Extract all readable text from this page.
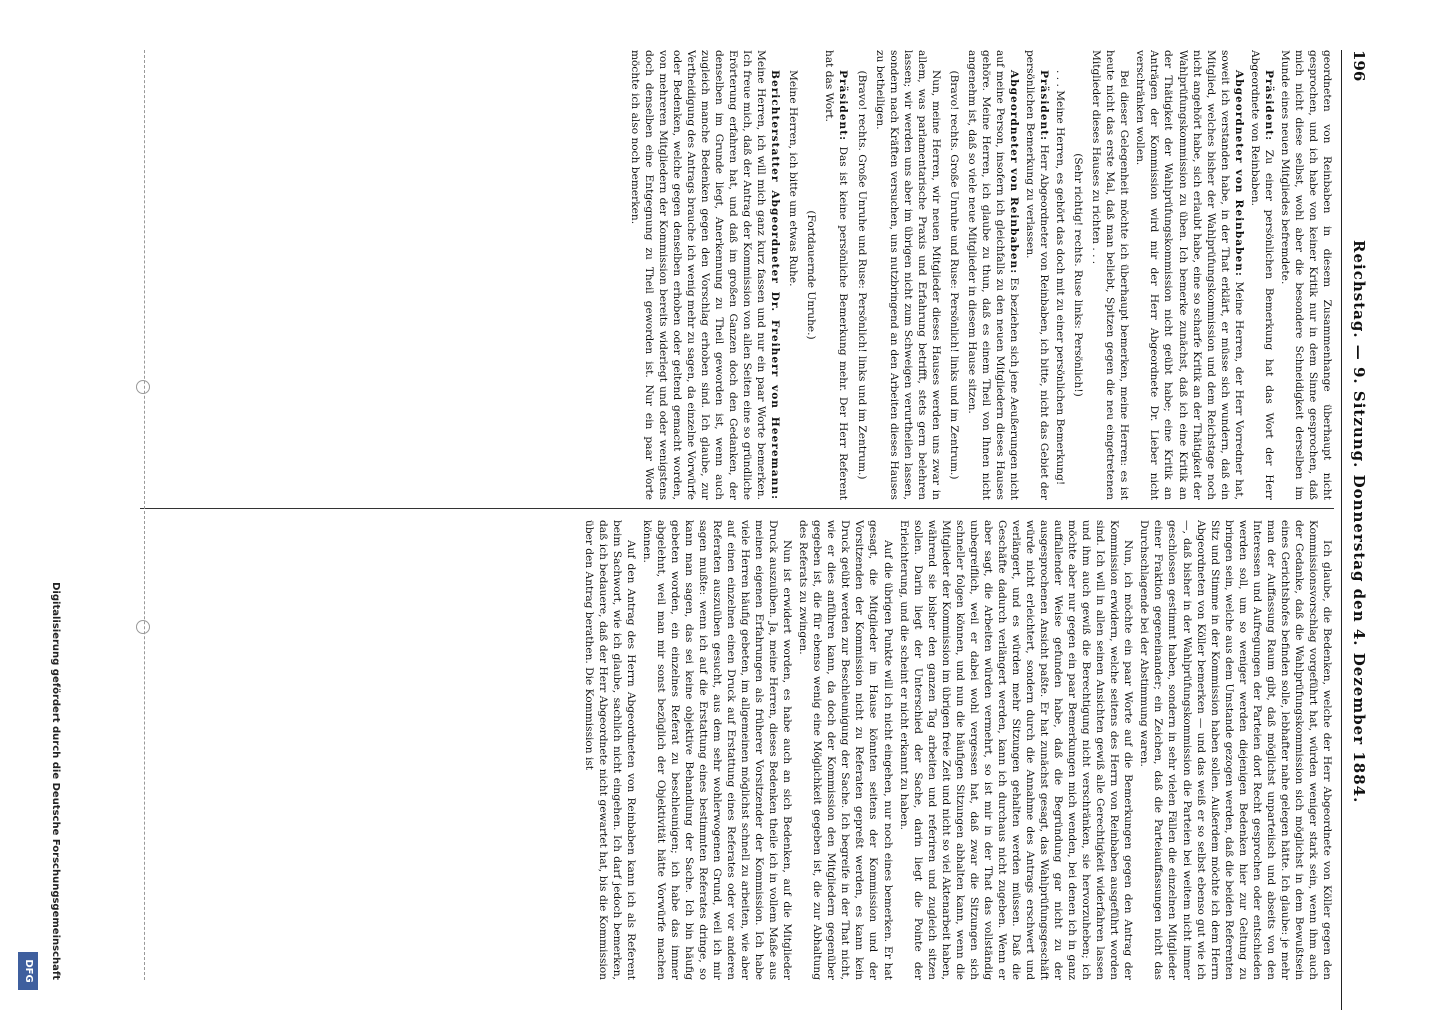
196
Reichstag. — 9. Sitzung. Donnerstag den 4. Dezember 1884.

geordneten von Reinbaben in diesem Zusammenhange überhaupt nicht gesprochen, und ich habe von keiner Kritik nur in dem Sinne gesprochen, daß mich nicht diese selbst, wohl aber die besondere Schneidigkeit derselben im Munde eines neuen Mitgliedes befremdete.

Präsident: Zu einer persönlichen Bemerkung hat das Wort der Herr Abgeordnete von Reinbaben.

Abgeordneter von Reinbaben: Meine Herren, der Herr Vorredner hat, soweit ich verstanden habe, in der That erklärt, er müsse sich wundern, daß ein Mitglied, welches bisher der Wahlprüfungskommission und dem Reichstage noch nicht angehört habe, sich erlaubt habe, eine so scharfe Kritik an der Thätigkeit der Wahlprüfungskommission zu üben. Ich bemerke zunächst, daß ich eine Kritik an der Thätigkeit der Wahlprüfungskommission nicht geübt habe; eine Kritik an Anträgen der Kommission wird mir der Herr Abgeordnete Dr. Lieber nicht verschränken wollen.

Bei dieser Gelegenheit möchte ich überhaupt bemerken, meine Herren: es ist heute nicht das erste Mal, daß man beliebt, Spitzen gegen die neu eingetretenen Mitglieder dieses Hauses zu richten . . .

(Sehr richtig! rechts. Ruse links: Persönlich!)

. . . Meine Herren, es gehört das doch mit zu einer persönlichen Bemerkung!

Präsident: Herr Abgeordneter von Reinbaben, ich bitte, nicht das Gebiet der persönlichen Bemerkung zu verlassen.

Abgeordneter von Reinbaben: Es beziehen sich jene Aeußerungen nicht auf meine Person, insofern ich gleichfalls zu den neuen Mitgliedern dieses Hauses gehöre. Meine Herren, ich glaube zu thun, daß es einem Theil von Ihnen nicht angenehm ist, daß so viele neue Mitglieder in diesem Hause sitzen.

(Bravo! rechts. Große Unruhe und Ruse: Persönlich! links und im Zentrum.)

Nun, meine Herren, wir neuen Mitglieder dieses Hauses werden uns zwar in allem, was parlamentarische Praxis und Erfahrung betrifft, stets gern belehren lassen; wir werden uns aber im übrigen nicht zum Schweigen verurtheilen lassen, sondern nach Kräften versuchen, uns nutzbringend an den Arbeiten dieses Hauses zu betheiligen.

(Bravo! rechts. Große Unruhe und Ruse: Persönlich! links und im Zentrum.)

Präsident: Das ist keine persönliche Bemerkung mehr. Der Herr Referent hat das Wort.

(Fortdauernde Unruhe.)

Meine Herren, ich bitte um etwas Ruhe.

Berichterstatter Abgeordneter Dr. Freiherr von Heeremann: Meine Herren, ich will mich ganz kurz fassen und nur ein paar Worte bemerken. Ich freue mich, daß der Antrag der Kommission von allen Seiten eine so gründliche Erörterung erfahren hat, und daß im großen Ganzen doch den Gedanken, der denselben im Grunde liegt, Anerkennung zu Theil geworden ist, wenn auch zugleich manche Bedenken gegen den Vorschlag erhoben sind. Ich glaube, zur Vertheidigung des Antrags brauche ich wenig mehr zu sagen, da einzelne Vorwürfe oder Bedenken, welche gegen denselben erhoben oder geltend gemacht worden, von mehreren Mitgliedern der Kommission bereits widerlegt und oder wenigstens doch denselben eine Entgegnung zu Theil geworden ist. Nur ein paar Worte möchte ich also noch bemerken.

Ich glaube, die Bedenken, welche der Herr Abgeordnete von Köller gegen den Kommissionsvorschlag vorgeführt hat, würden weniger stark sein, wenn ihm auch der Gedanke, daß die Wahlprüfungskommission sich möglichst in dem Bewußtsein eines Gerichtshofes befinden solle, lebhafter nahe gelegen hätte. Ich glaube: je mehr man der Auffassung Raum gibt, daß möglichst unparteiisch und abseits von den Interessen und Aufregungen der Parteien dort Recht gesprochen oder entschieden werden soll, um so weniger werden diejenigen Bedenken hier zur Geltung zu bringen sein, welche aus dem Umstande gezogen werden, daß die beiden Referenten Sitz und Stimme in der Kommission haben sollen. Außerdem möchte ich dem Herrn Abgeordneten von Köller bemerken — und das weiß er so selbst ebenso gut wie ich —, daß bisher in der Wahlprüfungskommission die Parteien bei weitem nicht immer geschlossen gestimmt haben, sondern in sehr vielen Fällen die einzelnen Mitglieder einer Fraktion gegeneinander; ein Zeichen, daß die Parteiauffassungen nicht das Durchschlagende bei der Abstimmung waren.

Nun, ich möchte ein paar Worte auf die Bemerkungen gegen den Antrag der Kommission erwidern, welche seitens des Herrn von Reinbaben ausgeführt worden sind. Ich will in allen seinen Ansichten gewiß alle Gerechtigkeit widerfahren lassen und ihm auch gewiß die Berechtigung nicht verschränken, sie hervorzuheben; ich möchte aber nur gegen ein paar Bemerkungen mich wenden, bei denen ich in ganz auffallender Weise gefunden habe, daß die Begründung gar nicht zu der ausgesprochenen Ansicht paßte. Er hat zunächst gesagt, das Wahlprüfungsgeschäft würde nicht erleichtert, sondern durch die Annahme des Antrags erschwert und verlängert, und es würden mehr Sitzungen gehalten werden müssen. Daß die Geschäfte dadurch verlängert werden, kann ich durchaus nicht zugeben. Wenn er aber sagt, die Arbeiten würden vermehrt, so ist mir in der That das vollständig unbegreiflich, weil er dabei wohl vergessen hat, daß zwar die Sitzungen sich schneller folgen können, und nun die häufigen Sitzungen abhalten kann, wenn die Mitglieder der Kommission im übrigen freie Zeit und nicht so viel Aktenarbeit haben, während sie bisher den ganzen Tag arbeiten und referiren und zugleich sitzen sollen. Darin liegt der Unterschied der Sache, darin liegt die Pointe der Erleichterung, und die scheint er nicht erkannt zu haben.

Auf die übrigen Punkte will ich nicht eingehen, nur noch eines bemerken. Er hat gesagt, die Mitglieder im Hause könnten seitens der Kommission und der Vorsitzenden der Kommission nicht zu Referaten gepreßt werden, es kann kein Druck geübt werden zur Beschleunigung der Sache. Ich begreife in der That nicht, wie er dies anführen kann, da doch der Kommission den Mitgliedern gegenüber gegeben ist, die für ebenso wenig eine Möglichkeit gegeben ist, die zur Abhaltung des Referats zu zwingen.

Nun ist erwidert worden, es habe auch an sich Bedenken, auf die Mitglieder Druck auszuüben. Ja, meine Herren, dieses Bedenken theile ich in vollem Maße aus meinen eigenen Erfahrungen als früherer Vorsitzender der Kommission. Ich habe viele Herren häufig gebeten, im allgemeinen möglichst schnell zu arbeiten, wie aber auf einen einzelnen einen Druck auf Erstattung eines Referates oder vor anderen Referaten auszuüben gesucht, aus dem sehr wohlerwogenen Grund, weil ich mir sagen mußte: wenn ich auf die Erstattung eines bestimmten Referates dringe, so kann man sagen, das sei keine objektive Behandlung der Sache. Ich bin häufig gebeten worden, ein einzelnes Referat zu beschleunigen; ich habe das immer abgelehnt, weil man mir sonst bezüglich der Objektivität hätte Vorwürfe machen können.

Auf den Antrag des Herrn Abgeordneten von Reinbaben kann ich als Referent beim Sachwort, wie ich glaube, sachlich nicht eingehen. Ich darf jedoch bemerken, daß ich bedauere, daß der Herr Abgeordnete nicht gewartet hat, bis die Kommission über den Antrag berathen. Die Kommission ist

Digitalisierung gefördert durch die Deutsche Forschungsgemeinschaft
DFG
